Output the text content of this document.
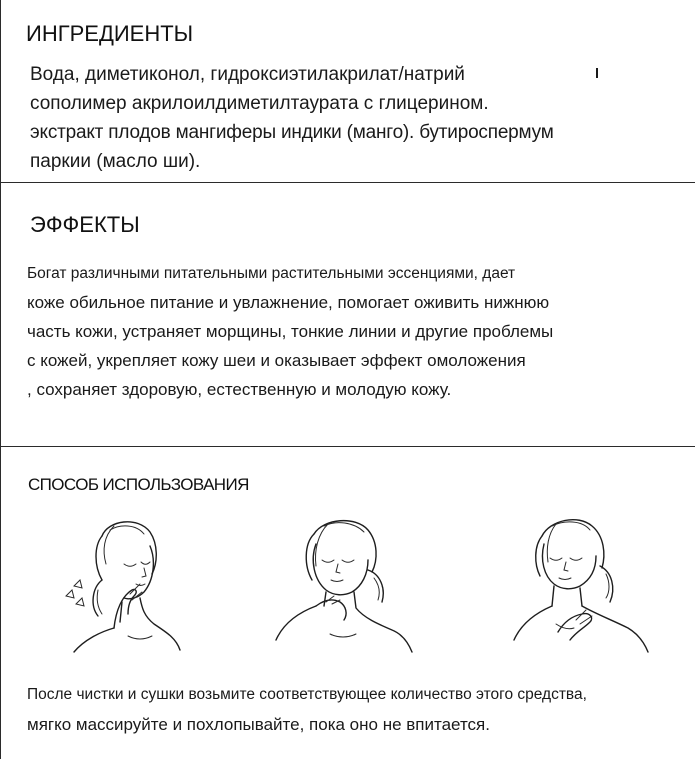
ИНГРЕДИЕНТЫ
Вода, диметиконол, гидроксиэтилакрилат/натрий
сополимер акрилоилдиметилтаурата с глицерином.
экстракт плодов мангиферы индики (манго). бутироспермум
паркии (масло ши).
ЭФФЕКТЫ
Богат различными питательными растительными эссенциями, дает
коже обильное питание и увлажнение, помогает оживить нижнюю
часть кожи, устраняет морщины, тонкие линии и другие проблемы
с кожей, укрепляет кожу шеи и оказывает эффект омоложения
, сохраняет здоровую, естественную и молодую кожу.
СПОСОБ ИСПОЛЬЗОВАНИЯ
После чистки и сушки возьмите соответствующее количество этого средства,
мягко массируйте и похлопывайте, пока оно не впитается.
